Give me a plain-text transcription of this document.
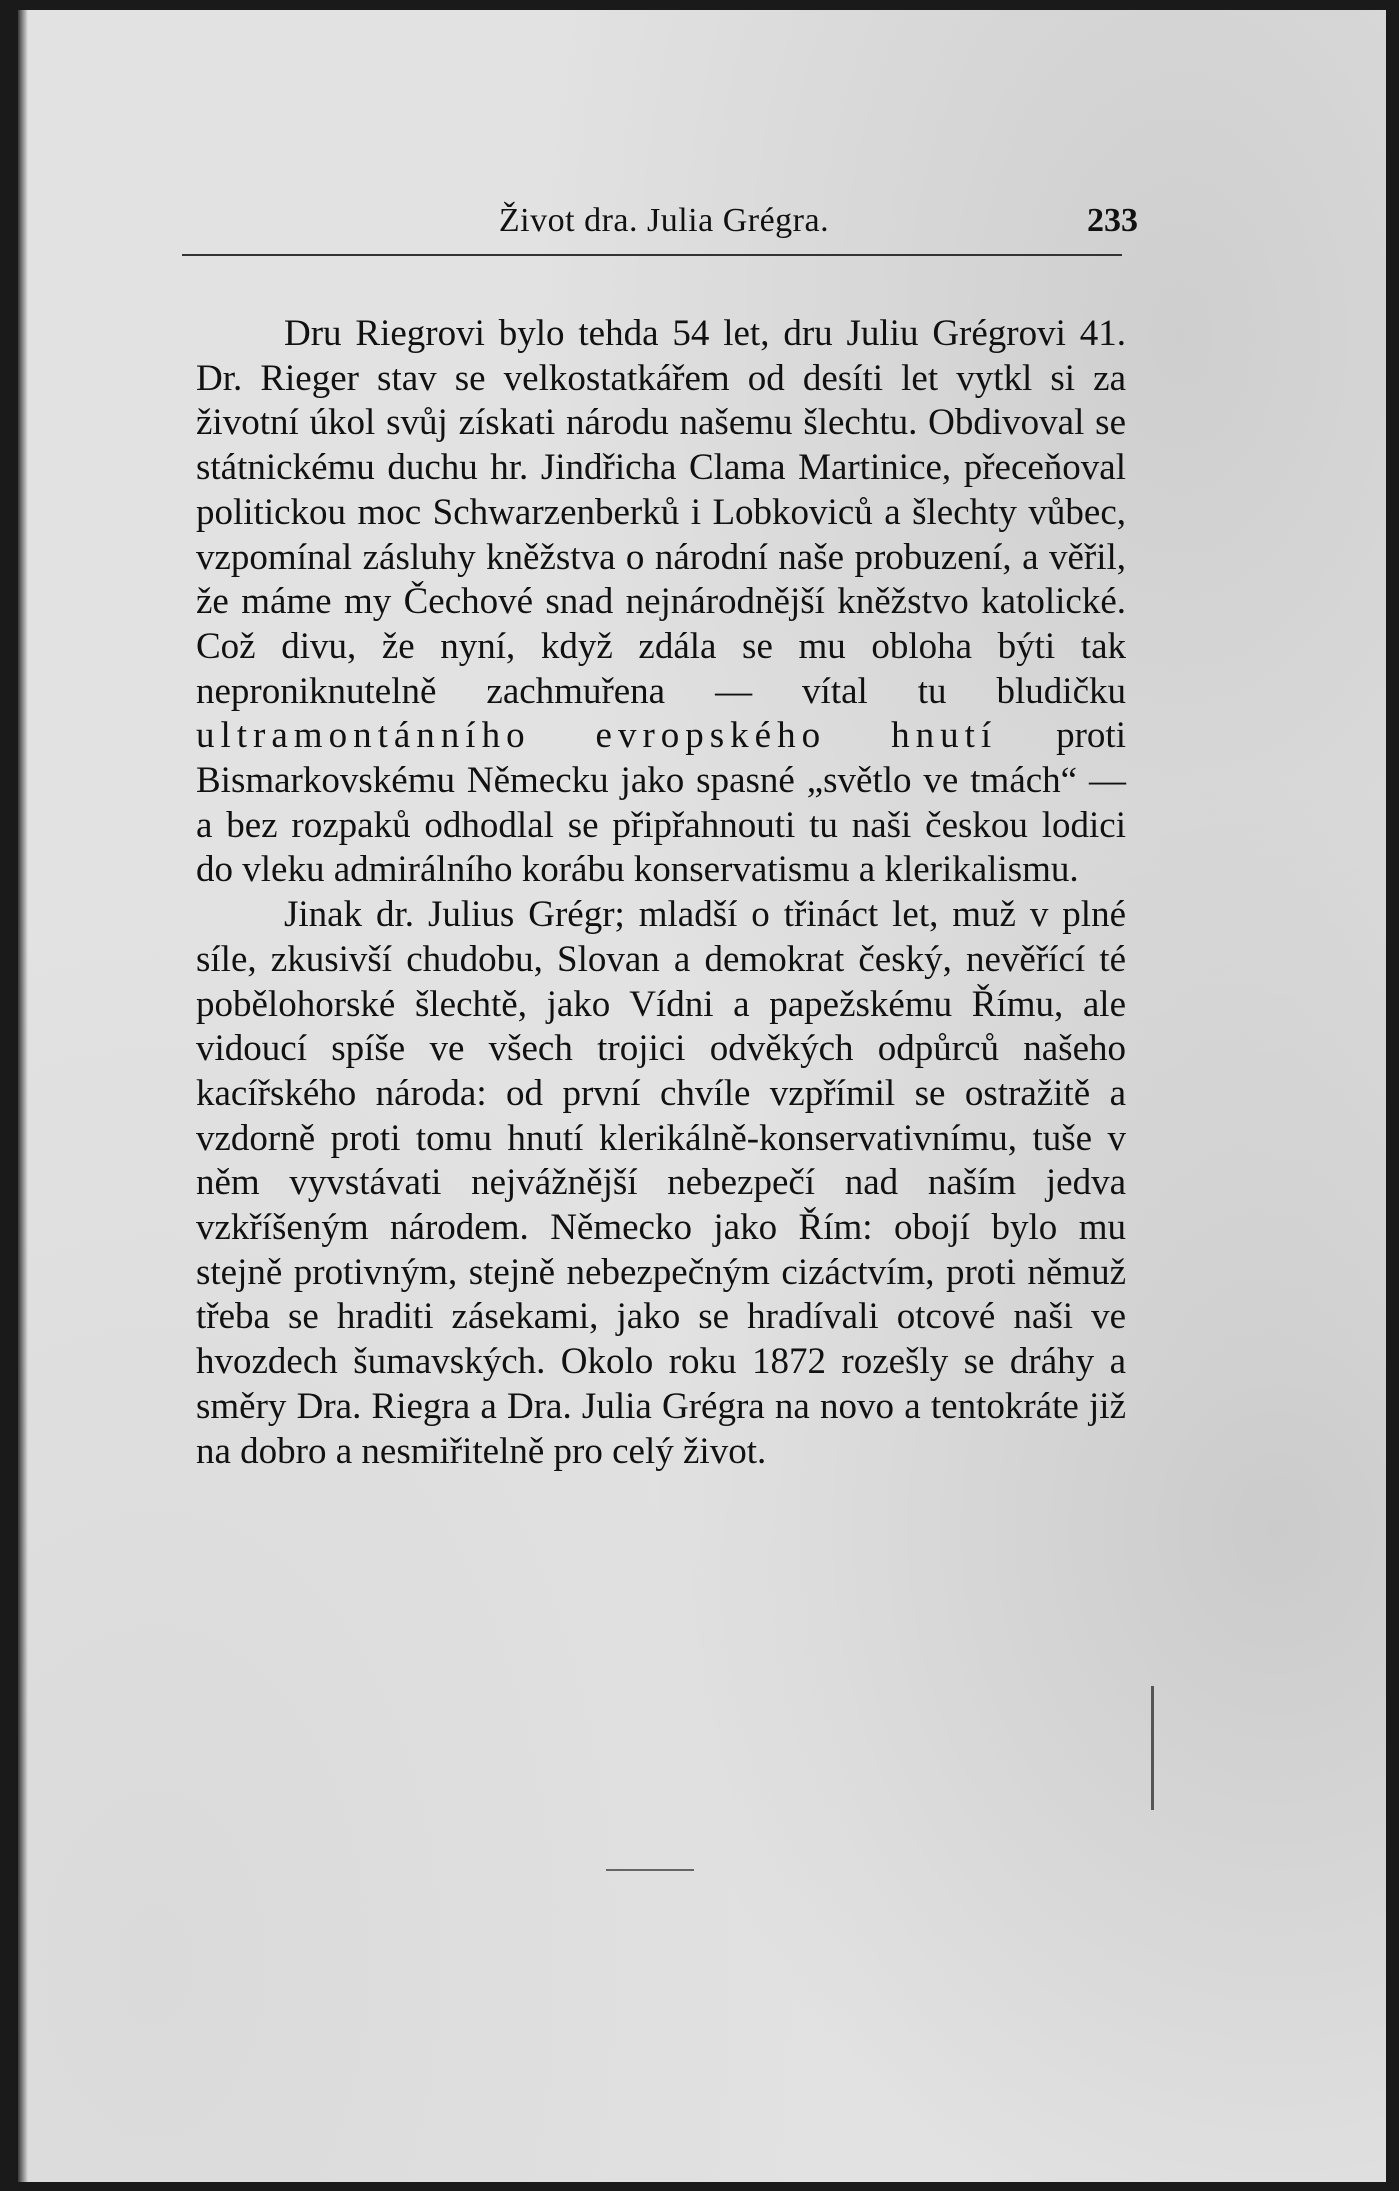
Život dra. Julia Grégra.	233

Dru Riegrovi bylo tehda 54 let, dru Juliu Grégrovi 41. Dr. Rieger stav se velkostatkářem od desíti let vytkl si za životní úkol svůj získati národu našemu šlechtu. Obdivoval se státnickému duchu hr. Jindřicha Clama Martinice, přeceňoval politickou moc Schwarzenberků i Lobkoviců a šlechty vůbec, vzpomínal zásluhy kněžstva o národní naše probuzení, a věřil, že máme my Čechové snad nejnárodnější kněžstvo katolické. Což divu, že nyní, když zdála se mu obloha býti tak neproniknutelně zachmuřena — vítal tu bludičku ultramontánního evropského hnutí proti Bismarkovskému Německu jako spasné „světlo ve tmách“ — a bez rozpaků odhodlal se připřahnouti tu naši českou lodici do vleku admirálního korábu konservatismu a klerikalismu.

Jinak dr. Julius Grégr; mladší o třináct let, muž v plné síle, zkusivší chudobu, Slovan a demokrat český, nevěřící té pobělohorské šlechtě, jako Vídni a papežskému Římu, ale vidoucí spíše ve všech trojici odvěkých odpůrců našeho kacířského národa: od první chvíle vzpřímil se ostražitě a vzdorně proti tomu hnutí klerikálně-konservativnímu, tuše v něm vyvstávati nejvážnější nebezpečí nad naším jedva vzkříšeným národem. Německo jako Řím: obojí bylo mu stejně protivným, stejně nebezpečným cizáctvím, proti němuž třeba se hraditi zásekami, jako se hradívali otcové naši ve hvozdech šumavských. Okolo roku 1872 rozešly se dráhy a směry Dra. Riegra a Dra. Julia Grégra na novo a tentokráte již na dobro a nesmiřitelně pro celý život.
